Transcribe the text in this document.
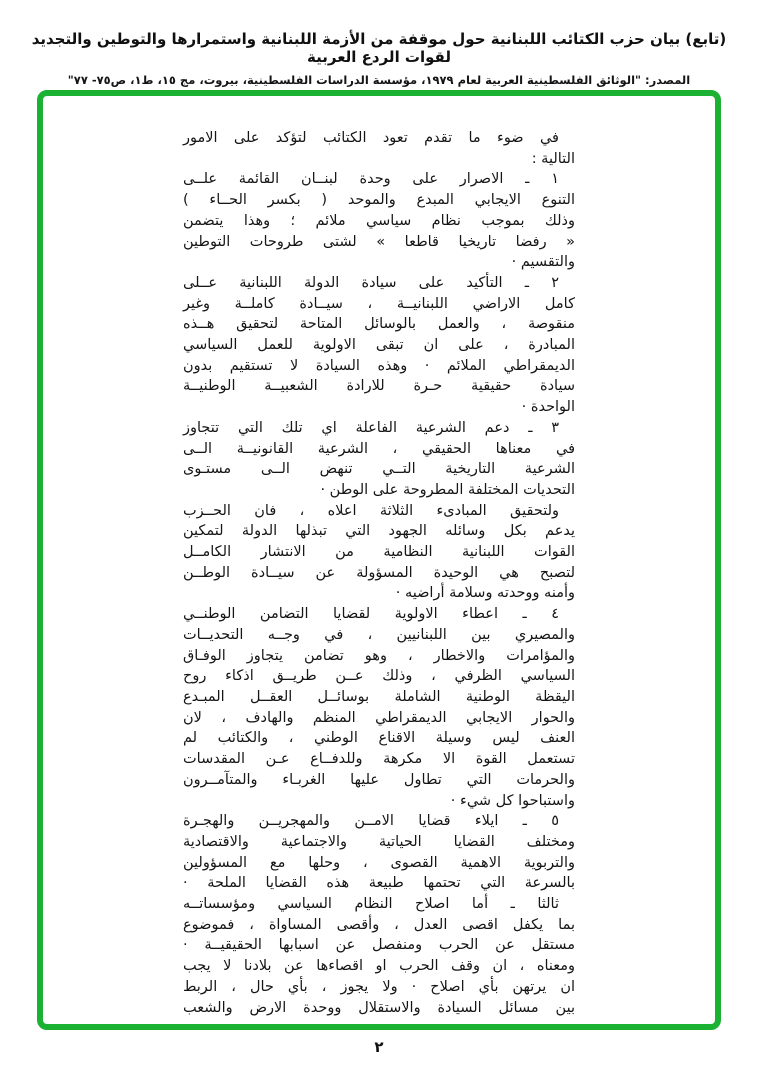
(تابع) بيان حزب الكتائب اللبنانية حول موقفة من الأزمة اللبنانية واستمرارها والتوطين والتجديد لقوات الردع العربية
المصدر: "الوثائق الفلسطينية العربية لعام ١٩٧٩، مؤسسة الدراسات الفلسطينية، بيروت، مج ١٥، ط١، ص٧٥- ٧٧"
في ضوء ما تقدم تعود الكتائب لتؤكد على الامور
التالية :
١ ـ الاصرار على وحدة لبنــان القائمة علــى
التنوع الايجابي المبدع والموحد ( بكسر الحــاء )
وذلك بموجب نظام سياسي ملائم ؛ وهذا يتضمن
« رفضا تاريخيا قاطعا » لشتى طروحات التوطين
والتقسيم ·
٢ ـ التأكيد على سيادة الدولة اللبنانية عــلى
كامل الاراضي اللبنانيــة ، سيــادة كاملــة وغير
منقوصة ، والعمل بالوسائل المتاحة لتحقيق هــذه
المبادرة ، على ان تبقى الاولوية للعمل السياسي
الديمقراطي الملائم · وهذه السيادة لا تستقيم بدون
سيادة حقيقية حـرة للارادة الشعبيــة الوطنيــة
الواحدة ·
٣ ـ دعم الشرعية الفاعلة اي تلك التي تتجاوز
في معناها الحقيقي ، الشرعية القانونيــة الــى
الشرعية التاريخية التــي تنهض الــى مستـوى
التحديات المختلفة المطروحة على الوطن ·
ولتحقيق المبادىء الثلاثة اعلاه ، فان الحــزب
يدعم بكل وسائله الجهود التي تبذلها الدولة لتمكين
القوات اللبنانية النظامية من الانتشار الكامــل
لتصبح هي الوحيدة المسؤولة عن سيــادة الوطــن
وأمنه ووحدته وسلامة أراضيه ·
٤ ـ اعطاء الاولوية لقضايا التضامن الوطنــي
والمصيري بين اللبنانيين ، في وجــه التحديــات
والمؤامرات والاخطار ، وهو تضامن يتجاوز الوفـاق
السياسي الظرفي ، وذلك عــن طريــق اذكاء روح
اليقظة الوطنية الشاملة بوسائــل العقــل المبـدع
والحوار الايجابي الديمقراطي المنظم والهادف ، لان
العنف ليس وسيلة الاقناع الوطني ، والكتائب لم
تستعمل القوة الا مكرهة وللدفــاع عـن المقدسات
والحرمات التي تطاول عليها الغربـاء والمتآمــرون
واستباحوا كل شيء ·
٥ ـ ايلاء قضايا الامــن والمهجريــن والهجـرة
ومختلف القضايا الحياتية والاجتماعية والاقتصادية
والتربوية الاهمية القصوى ، وحلها مع المسؤولين
بالسرعة التي تحتمها طبيعة هذه القضايا الملحة ·
ثالثا ـ أما اصلاح النظام السياسي ومؤسساتــه
بما يكفل اقصى العدل ، وأقصى المساواة ، فموضوع
مستقل عن الحرب ومنفصل عن اسبابها الحقيقيــة ·
ومعناه ، ان وقف الحرب او اقصاءها عن بلادنا لا يجب
ان يرتهن بأي اصلاح · ولا يجوز ، بأي حال ، الربط
بين مسائل السيادة والاستقلال ووحدة الارض والشعب
٢
